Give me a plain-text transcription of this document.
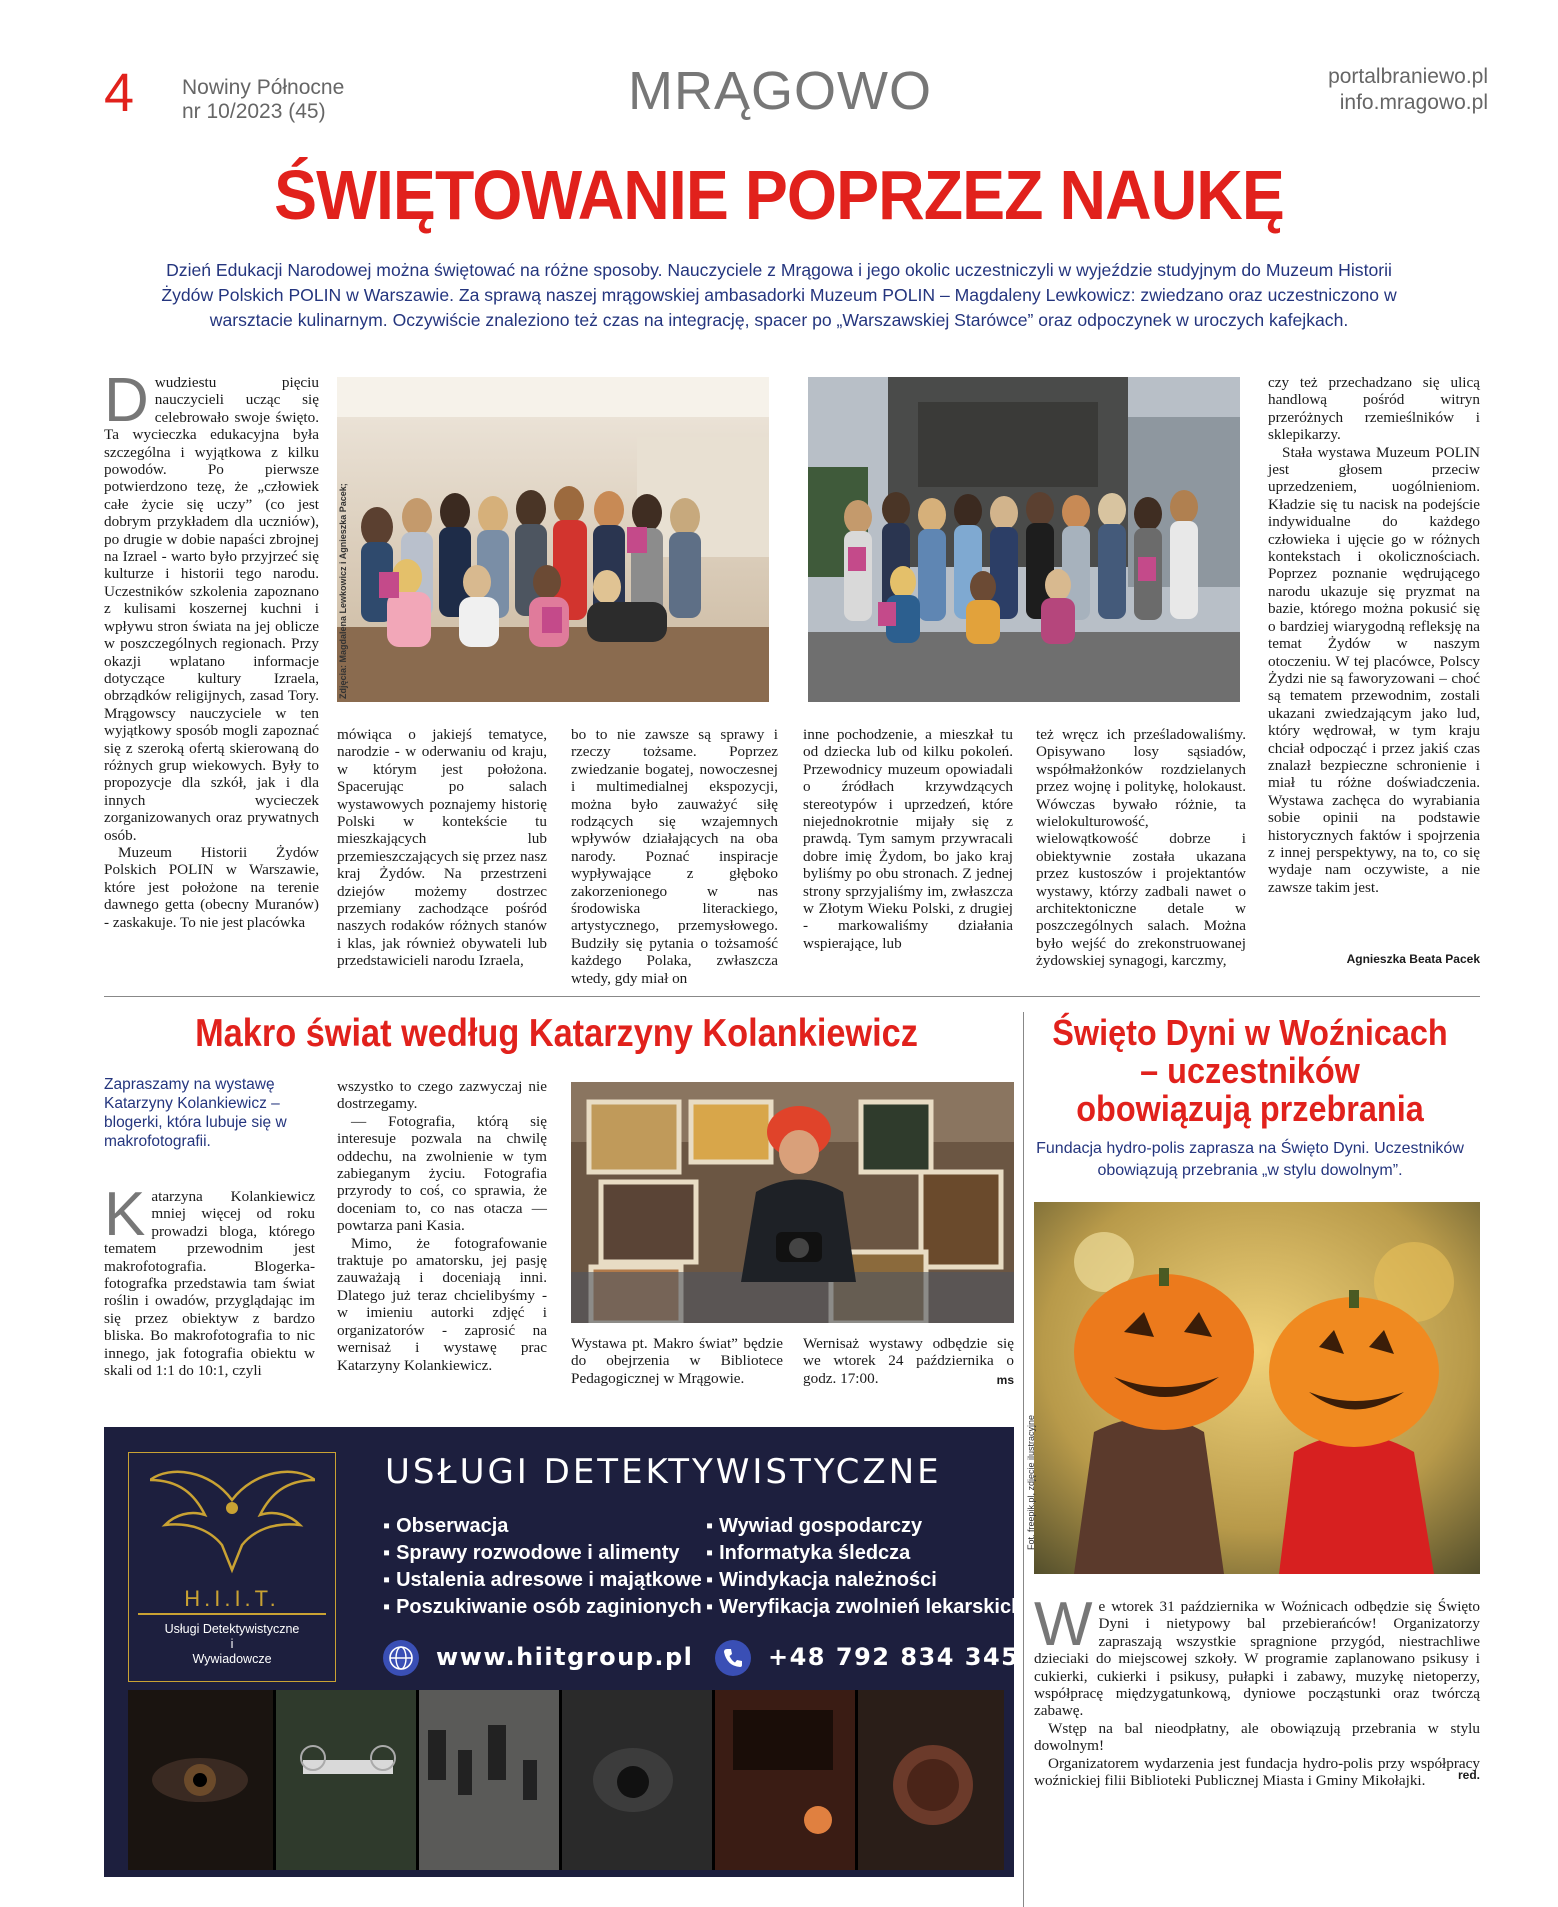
4 Nowiny Północne
nr 10/2023 (45)	MRĄGOWO	portalbraniewo.pl
info.mragowo.pl
ŚWIĘTOWANIE POPRZEZ NAUKĘ
Dzień Edukacji Narodowej można świętować na różne sposoby. Nauczyciele z Mrągowa i jego okolic uczestniczyli w wyjeździe studyjnym do Muzeum Historii Żydów Polskich POLIN w Warszawie. Za sprawą naszej mrągowskiej ambasadorki Muzeum POLIN – Magdaleny Lewkowicz: zwiedzano oraz uczestniczono w warsztacie kulinarnym. Oczywiście znaleziono też czas na integrację, spacer po „Warszawskiej Starówce” oraz odpoczynek w uroczych kafejkach.

Dwudziestu pięciu nauczycieli ucząc się celebrowało swoje święto. Ta wycieczka edukacyjna była szczególna i wyjątkowa z kilku powodów. Po pierwsze potwierdzono tezę, że „człowiek całe życie się uczy” (co jest dobrym przykładem dla uczniów), po drugie w dobie napaści zbrojnej na Izrael - warto było przyjrzeć się kulturze i historii tego narodu. Uczestników szkolenia zapoznano z kulisami koszernej kuchni i wpływu stron świata na jej oblicze w poszczególnych regionach. Przy okazji wplatano informacje dotyczące kultury Izraela, obrządków religijnych, zasad Tory. Mrągowscy nauczyciele w ten wyjątkowy sposób mogli zapoznać się z szeroką ofertą skierowaną do różnych grup wiekowych. Były to propozycje dla szkół, jak i dla innych wycieczek zorganizowanych oraz prywatnych osób.

Muzeum Historii Żydów Polskich POLIN w Warszawie, które jest położone na terenie dawnego getta (obecny Muranów) - zaskakuje. To nie jest placówka

Zdjęcia: Magdalena Lewkowicz i Agnieszka Pacek;

mówiąca o jakiejś tematyce, narodzie - w oderwaniu od kraju, w którym jest położona. Spacerując po salach wystawowych poznajemy historię Polski w kontekście tu mieszkających lub przemieszczających się przez nasz kraj Żydów. Na przestrzeni dziejów możemy dostrzec przemiany zachodzące pośród naszych rodaków różnych stanów i klas, jak również obywateli lub przedstawicieli narodu Izraela,

bo to nie zawsze są sprawy i rzeczy tożsame. Poprzez zwiedzanie bogatej, nowoczesnej i multimedialnej ekspozycji, można było zauważyć siłę rodzących się wzajemnych wpływów działających na oba narody. Poznać inspiracje wypływające z głęboko zakorzenionego w nas środowiska literackiego, artystycznego, przemysłowego. Budziły się pytania o tożsamość każdego Polaka, zwłaszcza wtedy, gdy miał on

inne pochodzenie, a mieszkał tu od dziecka lub od kilku pokoleń. Przewodnicy muzeum opowiadali o źródłach krzywdzących stereotypów i uprzedzeń, które niejednokrotnie mijały się z prawdą. Tym samym przywracali dobre imię Żydom, bo jako kraj byliśmy po obu stronach. Z jednej strony sprzyjaliśmy im, zwłaszcza w Złotym Wieku Polski, z drugiej - markowaliśmy działania wspierające, lub

też wręcz ich prześladowaliśmy. Opisywano losy sąsiadów, współmałżonków rozdzielanych przez wojnę i politykę, holokaust. Wówczas bywało różnie, ta wielokulturowość, wielowątkowość dobrze i obiektywnie została ukazana przez kustoszów i projektantów wystawy, którzy zadbali nawet o architektoniczne detale w poszczególnych salach. Można było wejść do zrekonstruowanej żydowskiej synagogi, karczmy,

czy też przechadzano się ulicą handlową pośród witryn przeróżnych rzemieślników i sklepikarzy.

Stała wystawa Muzeum POLIN jest głosem przeciw uprzedzeniem, uogólnieniom. Kładzie się tu nacisk na podejście indywidualne do każdego człowieka i ujęcie go w różnych kontekstach i okolicznościach. Poprzez poznanie wędrującego narodu ukazuje się pryzmat na bazie, którego można pokusić się o bardziej wiarygodną refleksję na temat Żydów w naszym otoczeniu. W tej placówce, Polscy Żydzi nie są faworyzowani – choć są tematem przewodnim, zostali ukazani zwiedzającym jako lud, który wędrował, w tym kraju chciał odpocząć i przez jakiś czas znalazł bezpieczne schronienie i miał tu różne doświadczenia. Wystawa zachęca do wyrabiania sobie opinii na podstawie historycznych faktów i spojrzenia z innej perspektywy, na to, co się wydaje nam oczywiste, a nie zawsze takim jest.

Agnieszka Beata Pacek
Makro świat według Katarzyny Kolankiewicz
Zapraszamy na wystawę Katarzyny Kolankiewicz – blogerki, która lubuje się w makrofotografii.

Katarzyna Kolankiewicz mniej więcej od roku prowadzi bloga, którego tematem przewodnim jest makrofotografia. Blogerka-fotografka przedstawia tam świat roślin i owadów, przyglądając im się przez obiektyw z bardzo bliska. Bo makrofotografia to nic innego, jak fotografia obiektu w skali od 1:1 do 10:1, czyli

wszystko to czego zazwyczaj nie dostrzegamy.

— Fotografia, którą się interesuje pozwala na chwilę oddechu, na zwolnienie w tym zabieganym życiu. Fotografia przyrody to coś, co sprawia, że doceniam to, co nas otacza — powtarza pani Kasia.

Mimo, że fotografowanie traktuje po amatorsku, jej pasję zauważają i doceniają inni. Dlatego już teraz chcielibyśmy - w imieniu autorki zdjęć i organizatorów - zaprosić na wernisaż i wystawę prac Katarzyny Kolankiewicz.

Wystawa pt. Makro świat” będzie do obejrzenia w Bibliotece Pedagogicznej w Mrągowie.
Wernisaż wystawy odbędzie się we wtorek 24 października o godz. 17:00.	ms
Święto Dyni w Woźnicach – uczestników obowiązują przebrania
Fundacja hydro-polis zaprasza na Święto Dyni. Uczestników obowiązują przebrania „w stylu dowolnym”.
Fot. freepik.pl, zdjęcie ilustracyjne

We wtorek 31 października w Woźnicach odbędzie się Święto Dyni i nietypowy bal przebierańców! Organizatorzy zapraszają wszystkie spragnione przygód, niestrachliwe dzieciaki do miejscowej szkoły. W programie zaplanowano psikusy i cukierki, cukierki i psikusy, pułapki i zabawy, muzykę nietoperzy, współpracę międzygatunkową, dyniowe począstunki oraz twórczą zabawę.

Wstęp na bal nieodpłatny, ale obowiązują przebrania w stylu dowolnym!

Organizatorem wydarzenia jest fundacja hydro-polis przy współpracy woźnickiej filii Biblioteki Publicznej Miasta i Gminy Mikołajki.	red.
H.I.I.T.
Usługi Detektywistyczne
i
Wywiadowcze
USŁUGI DETEKTYWISTYCZNE
▪ Obserwacja
▪ Sprawy rozwodowe i alimenty
▪ Ustalenia adresowe i majątkowe
▪ Poszukiwanie osób zaginionych
▪ Wywiad gospodarczy
▪ Informatyka śledcza
▪ Windykacja należności
▪ Weryfikacja zwolnień lekarskich
www.hiitgroup.pl	+48 792 834 345
